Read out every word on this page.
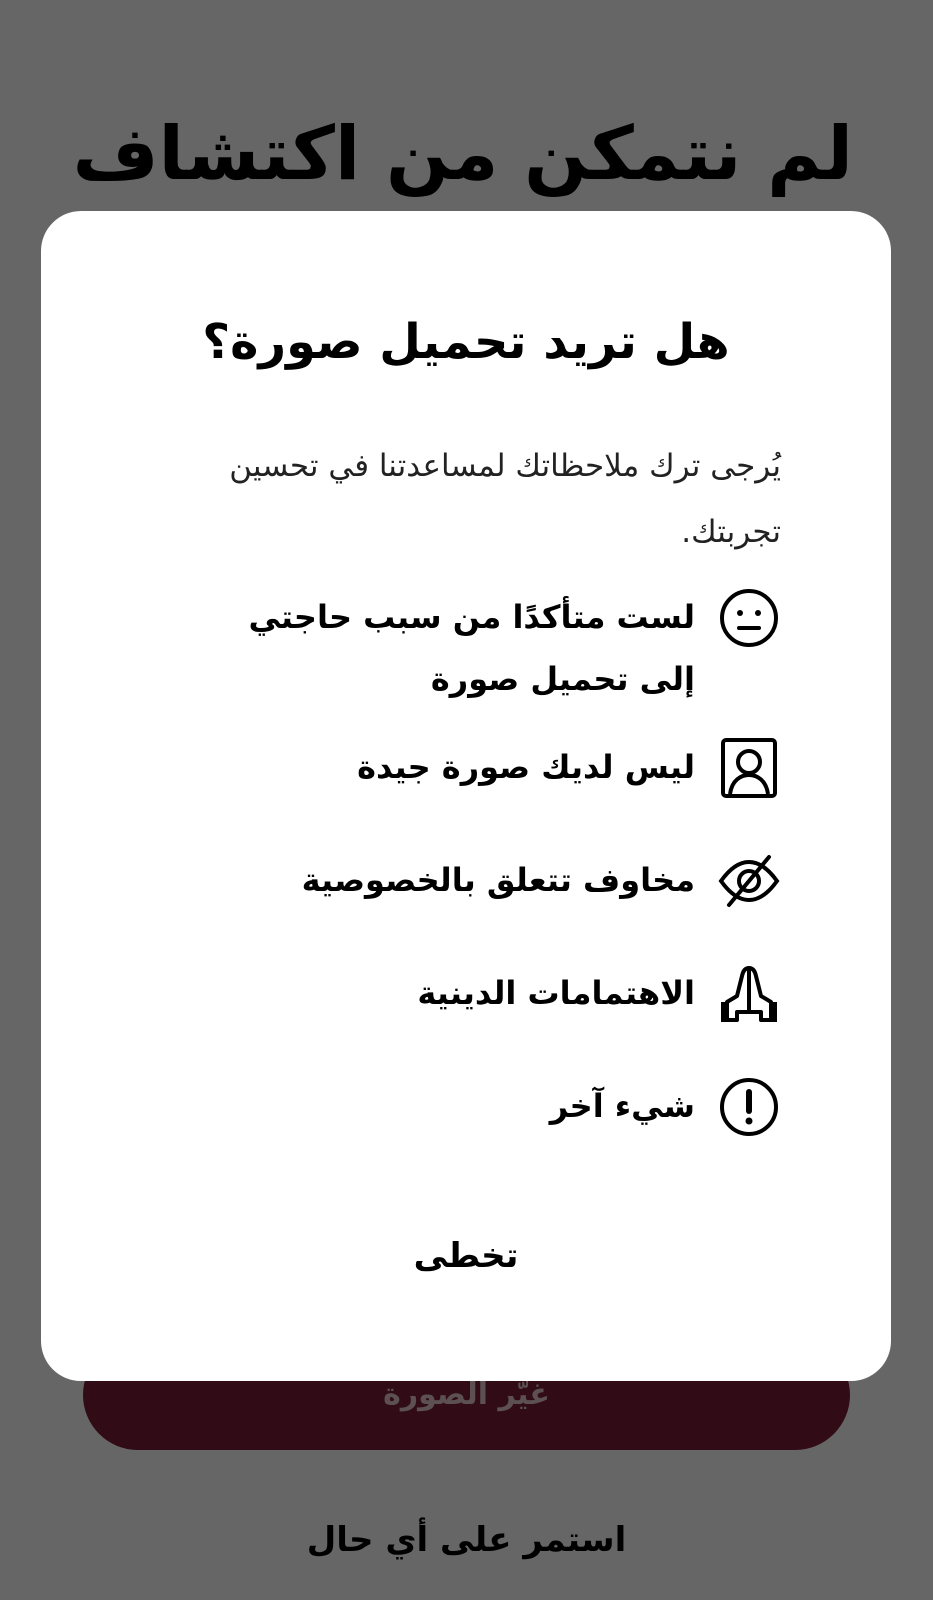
هل تريد تحميل صورة؟
يُرجى ترك ملاحظاتك لمساعدتنا في تحسين تجربتك.
لست متأكدًا من سبب حاجتي إلى تحميل صورة
ليس لديك صورة جيدة
مخاوف تتعلق بالخصوصية
الاهتمامات الدينية
شيء آخر
تخطى
